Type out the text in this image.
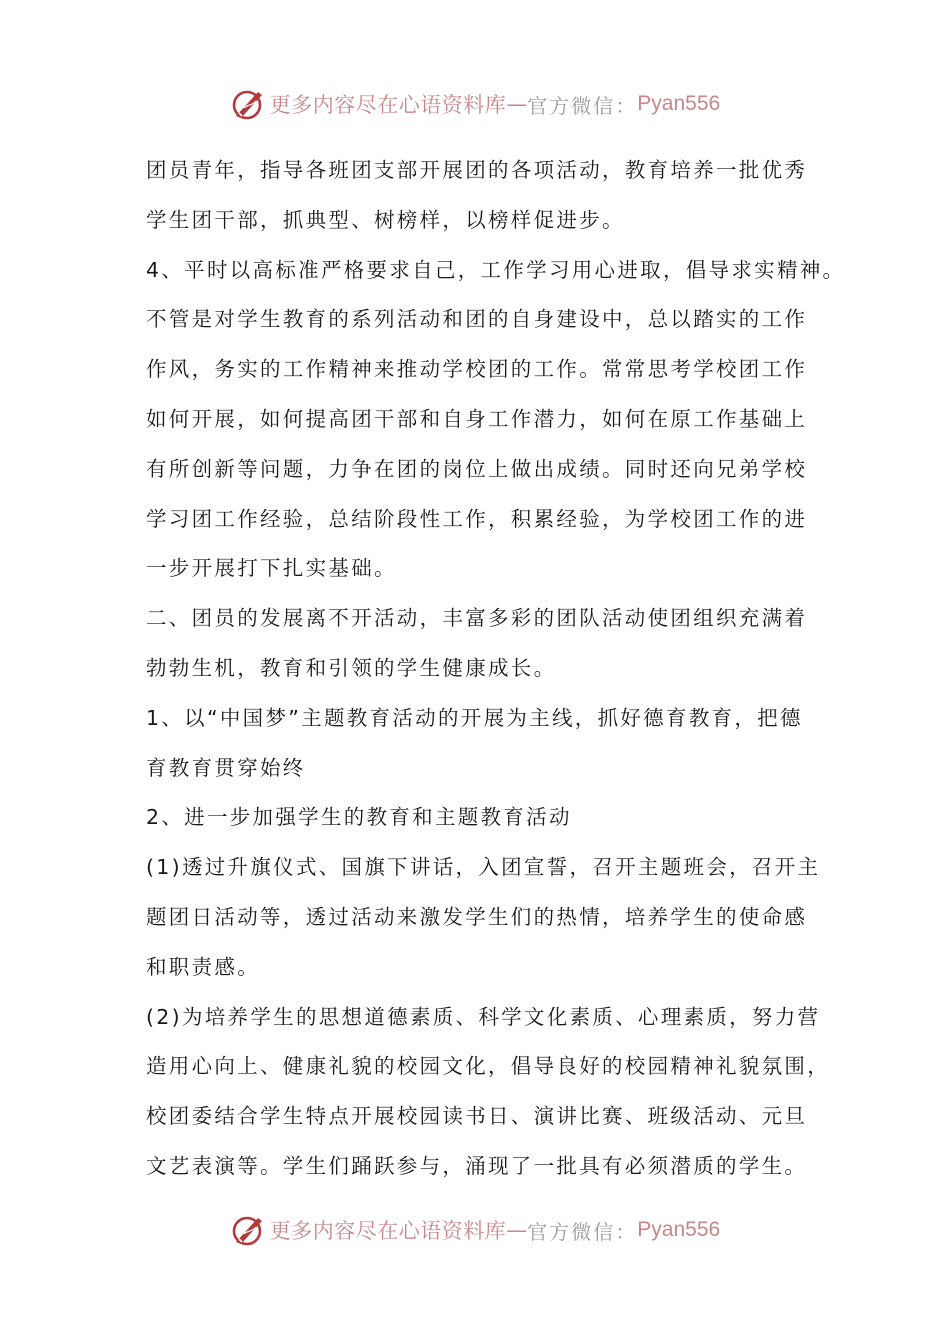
更多内容尽在心语资料库 — 官方微信： Pyan556
团员青年，指导各班团支部开展团的各项活动，教育培养一批优秀
学生团干部，抓典型、树榜样，以榜样促进步。
4、平时以高标准严格要求自己，工作学习用心进取，倡导求实精神。
不管是对学生教育的系列活动和团的自身建设中，总以踏实的工作
作风，务实的工作精神来推动学校团的工作。常常思考学校团工作
如何开展，如何提高团干部和自身工作潜力，如何在原工作基础上
有所创新等问题，力争在团的岗位上做出成绩。同时还向兄弟学校
学习团工作经验，总结阶段性工作，积累经验，为学校团工作的进
一步开展打下扎实基础。
二、团员的发展离不开活动，丰富多彩的团队活动使团组织充满着
勃勃生机，教育和引领的学生健康成长。
1、以“中国梦”主题教育活动的开展为主线，抓好德育教育，把德
育教育贯穿始终
2、进一步加强学生的教育和主题教育活动
(1)透过升旗仪式、国旗下讲话，入团宣誓，召开主题班会，召开主
题团日活动等，透过活动来激发学生们的热情，培养学生的使命感
和职责感。
(2)为培养学生的思想道德素质、科学文化素质、心理素质，努力营
造用心向上、健康礼貌的校园文化，倡导良好的校园精神礼貌氛围，
校团委结合学生特点开展校园读书日、演讲比赛、班级活动、元旦
文艺表演等。学生们踊跃参与，涌现了一批具有必须潜质的学生。
更多内容尽在心语资料库 — 官方微信： Pyan556
